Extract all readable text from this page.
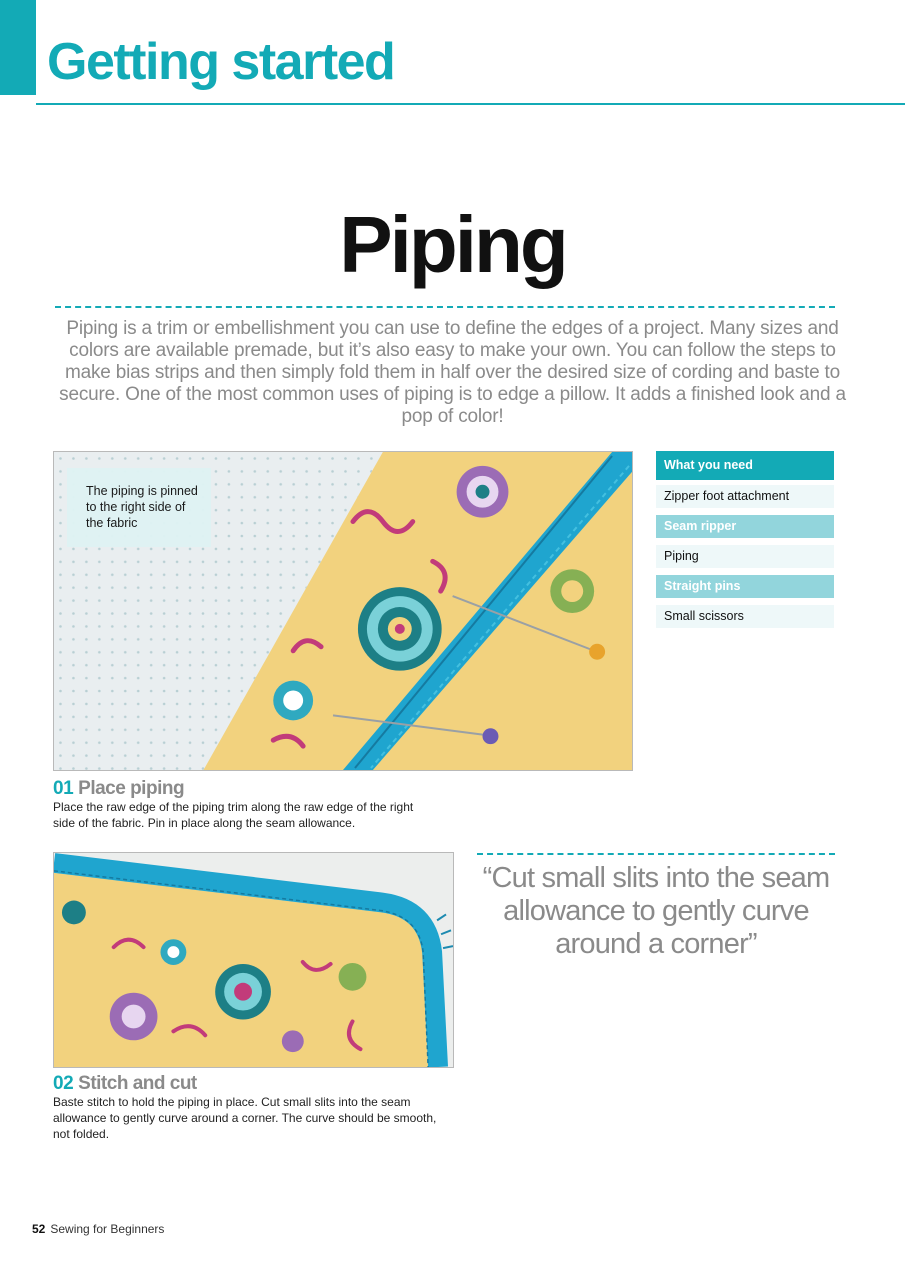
Getting started
Piping

Piping is a trim or embellishment you can use to define the edges of a project. Many sizes and colors are available premade, but it’s also easy to make your own. You can follow the steps to make bias strips and then simply fold them in half over the desired size of cording and baste to secure. One of the most common uses of piping is to edge a pillow. It adds a finished look and a pop of color!

The piping is pinned to the right side of the fabric
What you need
Zipper foot attachment
Seam ripper
Piping
Straight pins
Small scissors
01 Place piping

Place the raw edge of the piping trim along the raw edge of the right side of the fabric. Pin in place along the seam allowance.

02 Stitch and cut

Baste stitch to hold the piping in place. Cut small slits into the seam allowance to gently curve around a corner. The curve should be smooth, not folded.

“Cut small slits into the seam allowance to gently curve around a corner”
52 Sewing for Beginners
